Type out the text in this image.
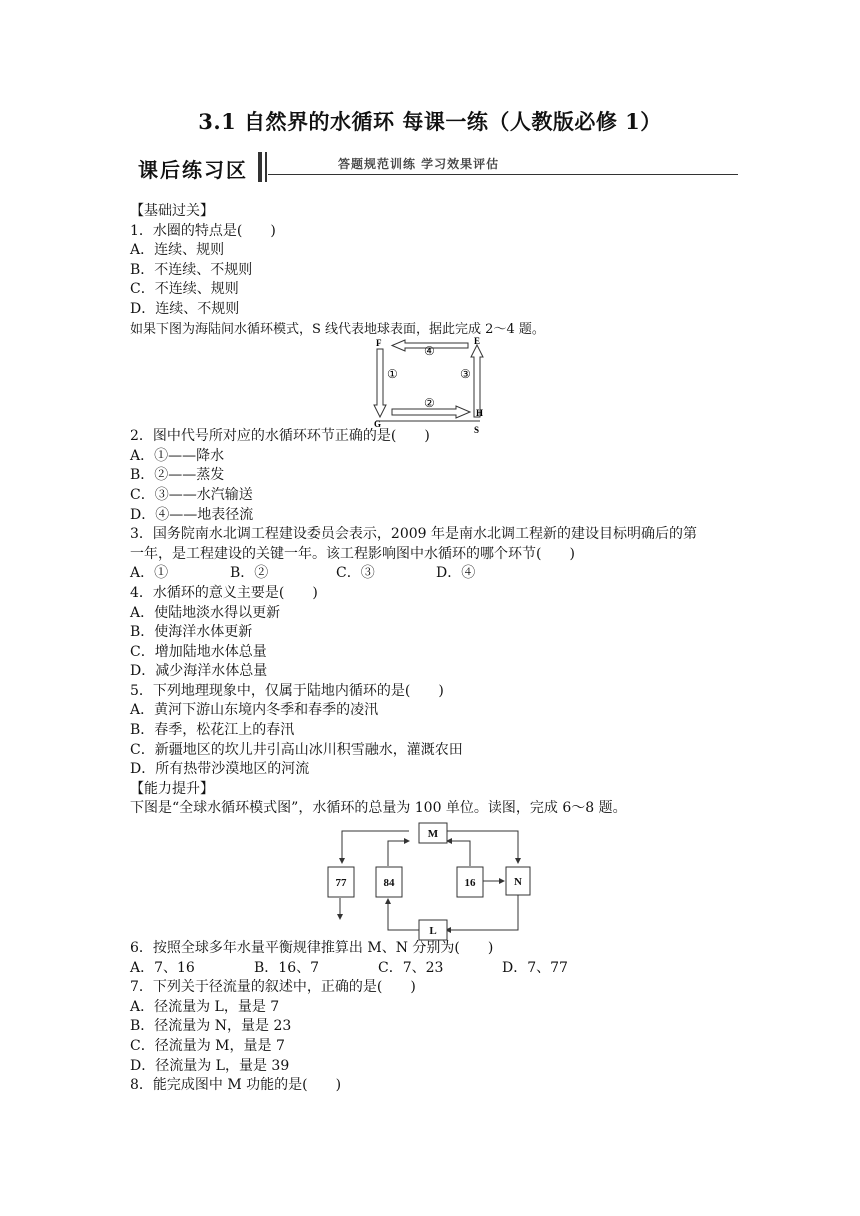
3.1 自然界的水循环 每课一练（人教版必修 1）
课后练习区	答题规范训练 学习效果评估
【基础过关】
1．水圈的特点是(　　)
A．连续、规则
B．不连续、不规则
C．不连续、规则
D．连续、不规则
如果下图为海陆间水循环模式，S 线代表地球表面，据此完成 2～4 题。
F	E
G
H
S
①
②
③
④
2．图中代号所对应的水循环环节正确的是(　　)
A．①——降水
B．②——蒸发
C．③——水汽输送
D．④——地表径流
3．国务院南水北调工程建设委员会表示，2009 年是南水北调工程新的建设目标明确后的第
一年，是工程建设的关键一年。该工程影响图中水循环的哪个环节(　　)
A．①	B．②	C．③	D．④
4．水循环的意义主要是(　　)
A．使陆地淡水得以更新
B．使海洋水体更新
C．增加陆地水体总量
D．减少海洋水体总量
5．下列地理现象中，仅属于陆地内循环的是(　　)
A．黄河下游山东境内冬季和春季的凌汛
B．春季，松花江上的春汛
C．新疆地区的坎儿井引高山冰川积雪融水，灌溉农田
D．所有热带沙漠地区的河流
【能力提升】
下图是“全球水循环模式图”，水循环的总量为 100 单位。读图，完成 6～8 题。
M
77	84	16	N
L
6．按照全球多年水量平衡规律推算出 M、N 分别为(　　)
A．7、16	B．16、7	C．7、23	D．7、77
7．下列关于径流量的叙述中，正确的是(　　)
A．径流量为 L，量是 7
B．径流量为 N，量是 23
C．径流量为 M，量是 7
D．径流量为 L，量是 39
8．能完成图中 M 功能的是(　　)
